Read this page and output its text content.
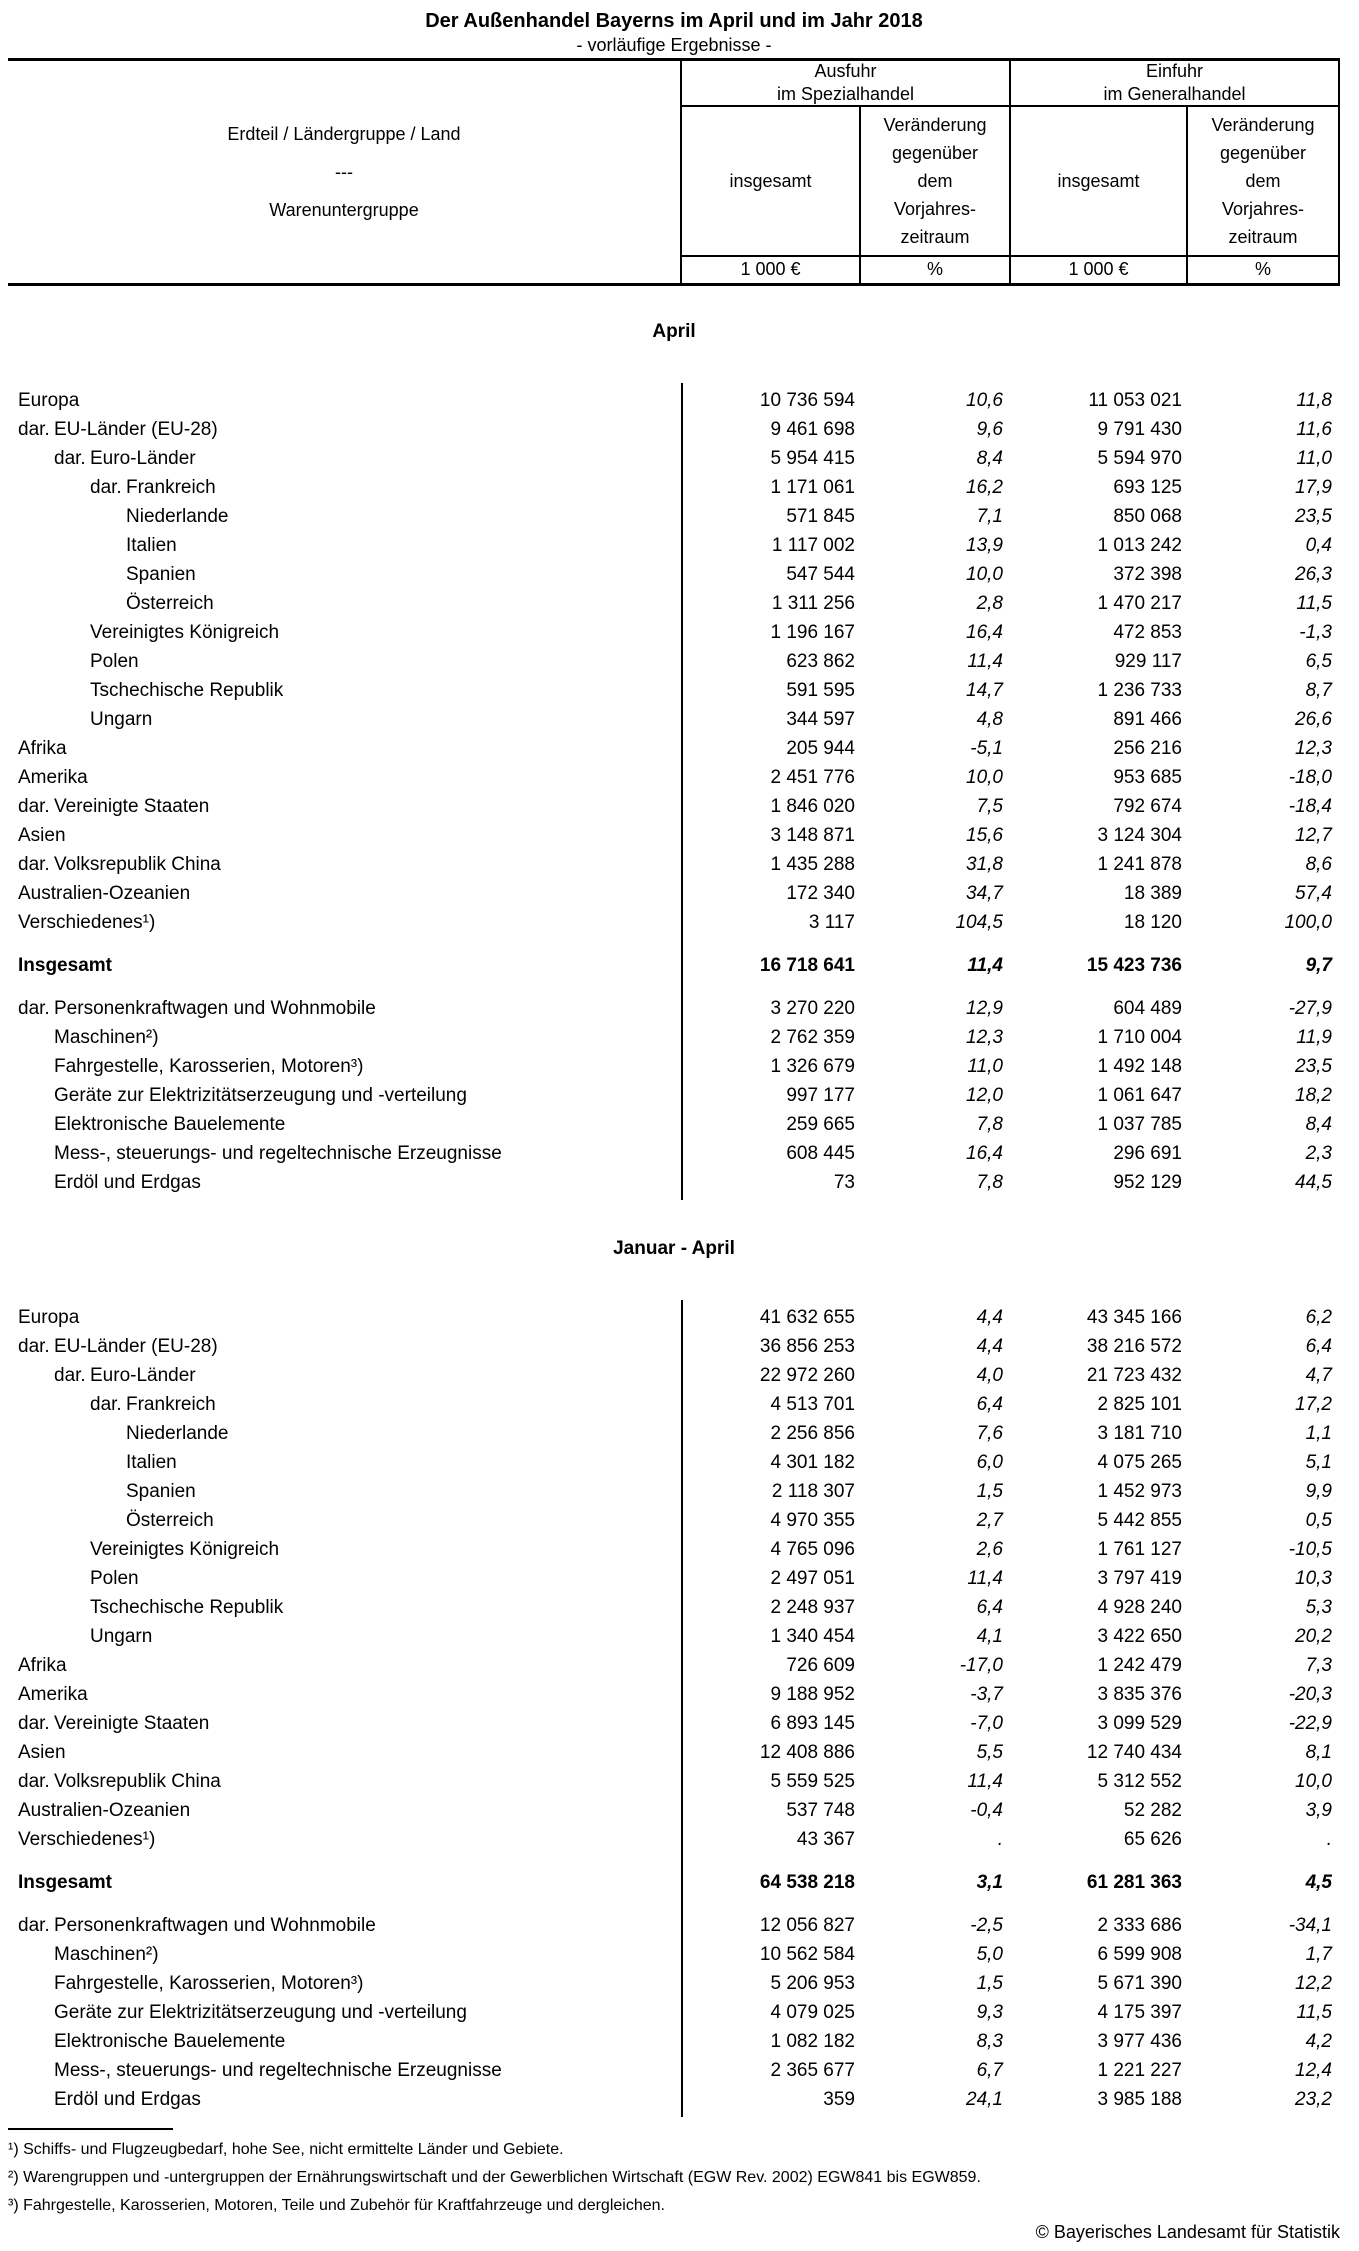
Der Außenhandel Bayerns im April und im Jahr 2018
- vorläufige Ergebnisse -
Erdteil / Ländergruppe / Land
---
Warenuntergruppe
Ausfuhr
im Spezialhandel
Einfuhr
im Generalhandel
insgesamt
Veränderung
gegenüber
dem
Vorjahres-
zeitraum
insgesamt
Veränderung
gegenüber
dem
Vorjahres-
zeitraum
1 000 €	%	1 000 €	%
April
Europa	10 736 594	10,6	11 053 021	11,8
dar. EU-Länder (EU-28)	9 461 698	9,6	9 791 430	11,6
dar. Euro-Länder	5 954 415	8,4	5 594 970	11,0
dar. Frankreich	1 171 061	16,2	693 125	17,9
Niederlande	571 845	7,1	850 068	23,5
Italien	1 117 002	13,9	1 013 242	0,4
Spanien	547 544	10,0	372 398	26,3
Österreich	1 311 256	2,8	1 470 217	11,5
Vereinigtes Königreich	1 196 167	16,4	472 853	-1,3
Polen	623 862	11,4	929 117	6,5
Tschechische Republik	591 595	14,7	1 236 733	8,7
Ungarn	344 597	4,8	891 466	26,6
Afrika	205 944	-5,1	256 216	12,3
Amerika	2 451 776	10,0	953 685	-18,0
dar. Vereinigte Staaten	1 846 020	7,5	792 674	-18,4
Asien	3 148 871	15,6	3 124 304	12,7
dar. Volksrepublik China	1 435 288	31,8	1 241 878	8,6
Australien-Ozeanien	172 340	34,7	18 389	57,4
Verschiedenes¹)	3 117	104,5	18 120	100,0
Insgesamt	16 718 641	11,4	15 423 736	9,7
dar. Personenkraftwagen und Wohnmobile	3 270 220	12,9	604 489	-27,9
Maschinen²)	2 762 359	12,3	1 710 004	11,9
Fahrgestelle, Karosserien, Motoren³)	1 326 679	11,0	1 492 148	23,5
Geräte zur Elektrizitätserzeugung und -verteilung	997 177	12,0	1 061 647	18,2
Elektronische Bauelemente	259 665	7,8	1 037 785	8,4
Mess-, steuerungs- und regeltechnische Erzeugnisse	608 445	16,4	296 691	2,3
Erdöl und Erdgas	73	7,8	952 129	44,5
Januar - April
Europa	41 632 655	4,4	43 345 166	6,2
dar. EU-Länder (EU-28)	36 856 253	4,4	38 216 572	6,4
dar. Euro-Länder	22 972 260	4,0	21 723 432	4,7
dar. Frankreich	4 513 701	6,4	2 825 101	17,2
Niederlande	2 256 856	7,6	3 181 710	1,1
Italien	4 301 182	6,0	4 075 265	5,1
Spanien	2 118 307	1,5	1 452 973	9,9
Österreich	4 970 355	2,7	5 442 855	0,5
Vereinigtes Königreich	4 765 096	2,6	1 761 127	-10,5
Polen	2 497 051	11,4	3 797 419	10,3
Tschechische Republik	2 248 937	6,4	4 928 240	5,3
Ungarn	1 340 454	4,1	3 422 650	20,2
Afrika	726 609	-17,0	1 242 479	7,3
Amerika	9 188 952	-3,7	3 835 376	-20,3
dar. Vereinigte Staaten	6 893 145	-7,0	3 099 529	-22,9
Asien	12 408 886	5,5	12 740 434	8,1
dar. Volksrepublik China	5 559 525	11,4	5 312 552	10,0
Australien-Ozeanien	537 748	-0,4	52 282	3,9
Verschiedenes¹)	43 367	.	65 626	.
Insgesamt	64 538 218	3,1	61 281 363	4,5
dar. Personenkraftwagen und Wohnmobile	12 056 827	-2,5	2 333 686	-34,1
Maschinen²)	10 562 584	5,0	6 599 908	1,7
Fahrgestelle, Karosserien, Motoren³)	5 206 953	1,5	5 671 390	12,2
Geräte zur Elektrizitätserzeugung und -verteilung	4 079 025	9,3	4 175 397	11,5
Elektronische Bauelemente	1 082 182	8,3	3 977 436	4,2
Mess-, steuerungs- und regeltechnische Erzeugnisse	2 365 677	6,7	1 221 227	12,4
Erdöl und Erdgas	359	24,1	3 985 188	23,2
¹) Schiffs- und Flugzeugbedarf, hohe See, nicht ermittelte Länder und Gebiete.
²) Warengruppen und -untergruppen der Ernährungswirtschaft und der Gewerblichen Wirtschaft (EGW Rev. 2002) EGW841 bis EGW859.
³) Fahrgestelle, Karosserien, Motoren, Teile und Zubehör für Kraftfahrzeuge und dergleichen.
© Bayerisches Landesamt für Statistik
